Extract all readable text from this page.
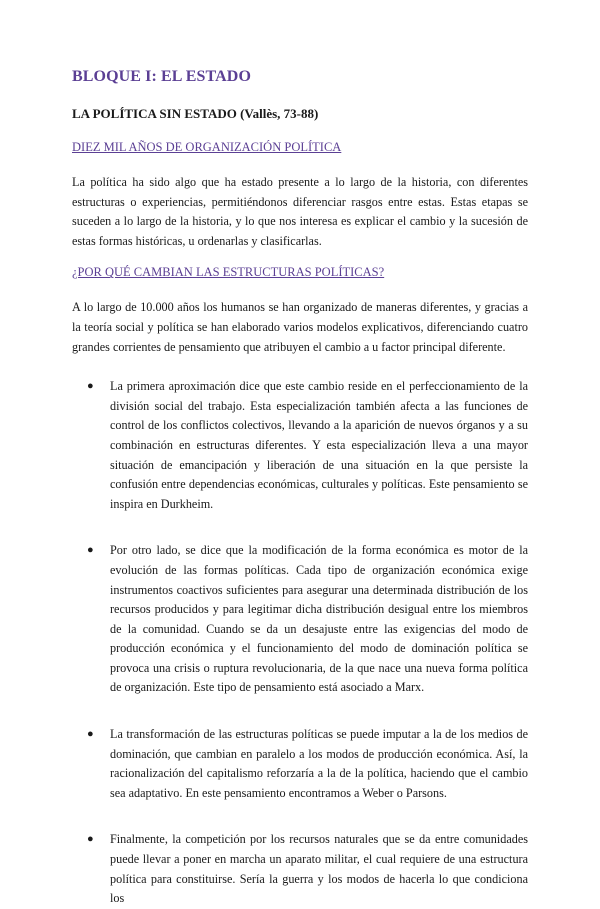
BLOQUE I: EL ESTADO
LA POLÍTICA SIN ESTADO (Vallès, 73-88)
DIEZ MIL AÑOS DE ORGANIZACIÓN POLÍTICA

La política ha sido algo que ha estado presente a lo largo de la historia, con diferentes estructuras o experiencias, permitiéndonos diferenciar rasgos entre estas. Estas etapas se suceden a lo largo de la historia, y lo que nos interesa es explicar el cambio y la sucesión de estas formas históricas, u ordenarlas y clasificarlas.

¿POR QUÉ CAMBIAN LAS ESTRUCTURAS POLÍTICAS?

A lo largo de 10.000 años los humanos se han organizado de maneras diferentes, y gracias a la teoría social y política se han elaborado varios modelos explicativos, diferenciando cuatro grandes corrientes de pensamiento que atribuyen el cambio a u factor principal diferente.

● La primera aproximación dice que este cambio reside en el perfeccionamiento de la división social del trabajo. Esta especialización también afecta a las funciones de control de los conflictos colectivos, llevando a la aparición de nuevos órganos y a su combinación en estructuras diferentes. Y esta especialización lleva a una mayor situación de emancipación y liberación de una situación en la que persiste la confusión entre dependencias económicas, culturales y políticas. Este pensamiento se inspira en Durkheim.
● Por otro lado, se dice que la modificación de la forma económica es motor de la evolución de las formas políticas. Cada tipo de organización económica exige instrumentos coactivos suficientes para asegurar una determinada distribución de los recursos producidos y para legitimar dicha distribución desigual entre los miembros de la comunidad. Cuando se da un desajuste entre las exigencias del modo de producción económica y el funcionamiento del modo de dominación política se provoca una crisis o ruptura revolucionaria, de la que nace una nueva forma política de organización. Este tipo de pensamiento está asociado a Marx.
● La transformación de las estructuras políticas se puede imputar a la de los medios de dominación, que cambian en paralelo a los modos de producción económica. Así, la racionalización del capitalismo reforzaría a la de la política, haciendo que el cambio sea adaptativo. En este pensamiento encontramos a Weber o Parsons.
● Finalmente, la competición por los recursos naturales que se da entre comunidades puede llevar a poner en marcha un aparato militar, el cual requiere de una estructura política para constituirse. Sería la guerra y los modos de hacerla lo que condiciona los
